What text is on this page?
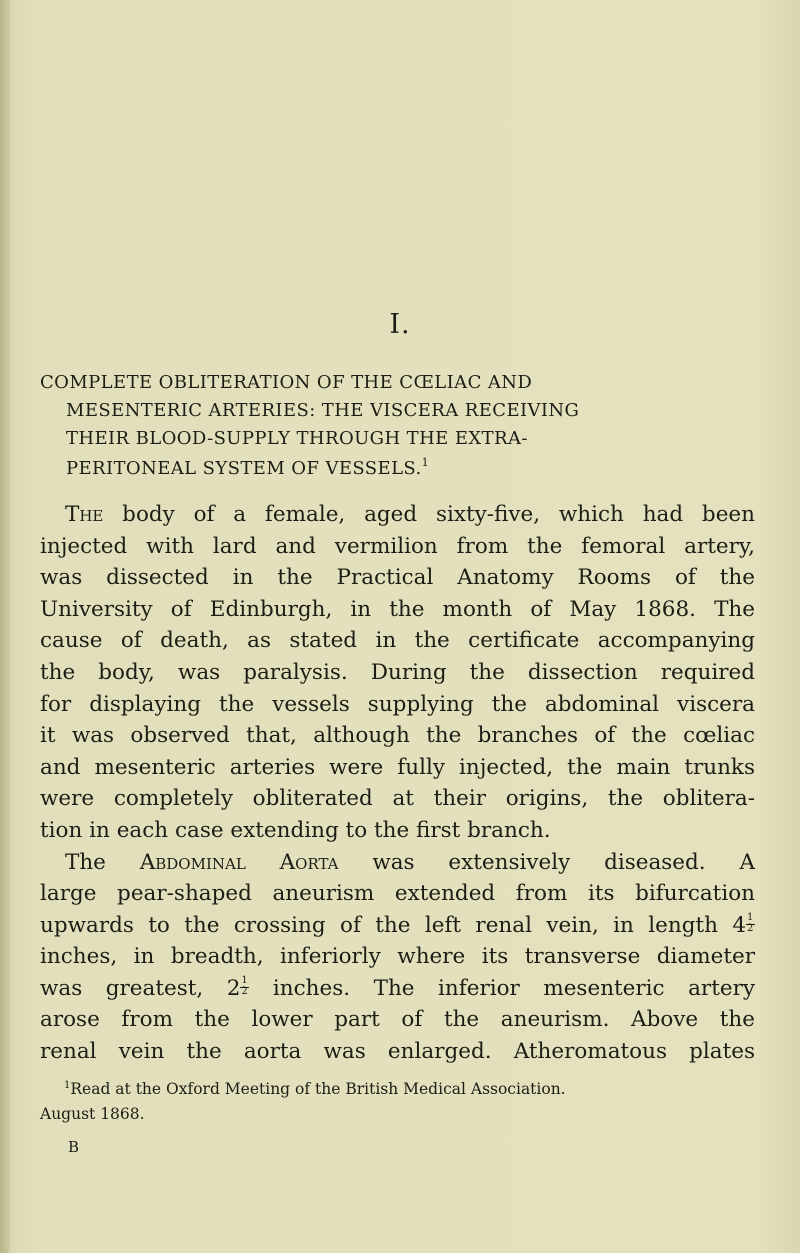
I.
COMPLETE OBLITERATION OF THE CŒLIAC AND
MESENTERIC ARTERIES: THE VISCERA RECEIVING
THEIR BLOOD-SUPPLY THROUGH THE EXTRA-
PERITONEAL SYSTEM OF VESSELS.$^1$
The body of a female, aged sixty-five, which had been
injected with lard and vermilion from the femoral artery,
was dissected in the Practical Anatomy Rooms of the
University of Edinburgh, in the month of May 1868. The
cause of death, as stated in the certificate accompanying
the body, was paralysis. During the dissection required
for displaying the vessels supplying the abdominal viscera
it was observed that, although the branches of the cœliac
and mesenteric arteries were fully injected, the main trunks
were completely obliterated at their origins, the oblitera-
tion in each case extending to the first branch.
The Abdominal Aorta was extensively diseased. A
large pear-shaped aneurism extended from its bifurcation
upwards to the crossing of the left renal vein, in length $4 \frac{1}{2}$
inches, in breadth, inferiorly where its transverse diameter
was greatest, $2 \frac{1}{2}$ inches. The inferior mesenteric artery
arose from the lower part of the aneurism. Above the
renal vein the aorta was enlarged. Atheromatous plates
$^1$Read at the Oxford Meeting of the British Medical Association.
August 1868.
B
